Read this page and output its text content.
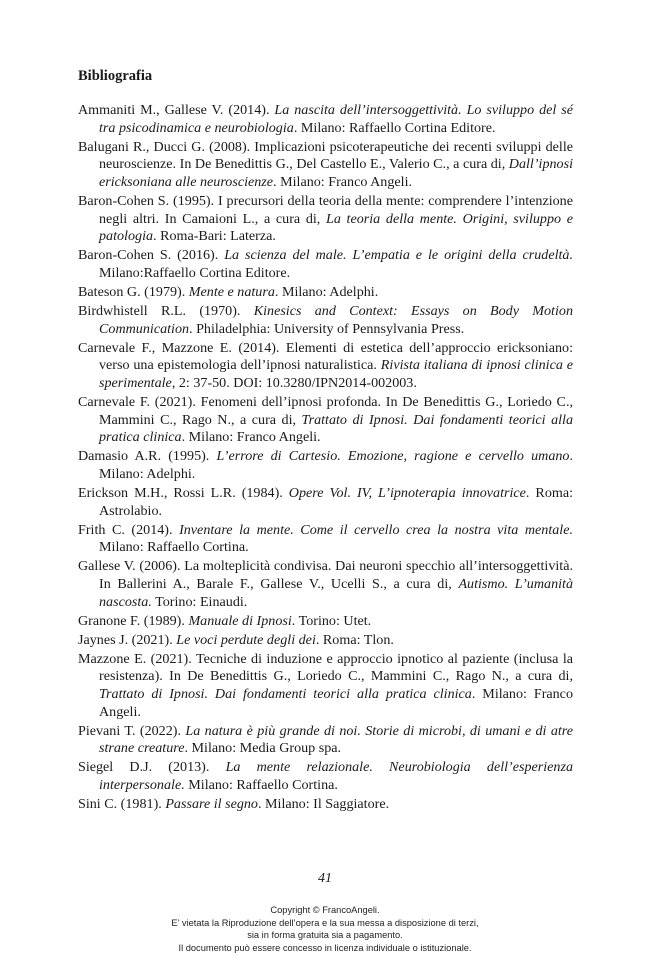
Bibliografia

Ammaniti M., Gallese V. (2014). La nascita dell’intersoggettività. Lo sviluppo del sé tra psicodinamica e neurobiologia. Milano: Raffaello Cortina Editore.

Balugani R., Ducci G. (2008). Implicazioni psicoterapeutiche dei recenti sviluppi delle neuroscienze. In De Benedittis G., Del Castello E., Valerio C., a cura di, Dall’ipnosi ericksoniana alle neuroscienze. Milano: Franco Angeli.

Baron-Cohen S. (1995). I precursori della teoria della mente: comprendere l’intenzione negli altri. In Camaioni L., a cura di, La teoria della mente. Origini, sviluppo e patologia. Roma-Bari: Laterza.

Baron-Cohen S. (2016). La scienza del male. L’empatia e le origini della crudeltà. Milano:Raffaello Cortina Editore.

Bateson G. (1979). Mente e natura. Milano: Adelphi.

Birdwhistell R.L. (1970). Kinesics and Context: Essays on Body Motion Communication. Philadelphia: University of Pennsylvania Press.

Carnevale F., Mazzone E. (2014). Elementi di estetica dell’approccio ericksoniano: verso una epistemologia dell’ipnosi naturalistica. Rivista italiana di ipnosi clinica e sperimentale, 2: 37-50. DOI: 10.3280/IPN2014-002003.

Carnevale F. (2021). Fenomeni dell’ipnosi profonda. In De Benedittis G., Loriedo C., Mammini C., Rago N., a cura di, Trattato di Ipnosi. Dai fondamenti teorici alla pratica clinica. Milano: Franco Angeli.

Damasio A.R. (1995). L’errore di Cartesio. Emozione, ragione e cervello umano. Milano: Adelphi.

Erickson M.H., Rossi L.R. (1984). Opere Vol. IV, L’ipnoterapia innovatrice. Roma: Astrolabio.

Frith C. (2014). Inventare la mente. Come il cervello crea la nostra vita mentale. Milano: Raffaello Cortina.

Gallese V. (2006). La molteplicità condivisa. Dai neuroni specchio all’intersoggettività. In Ballerini A., Barale F., Gallese V., Ucelli S., a cura di, Autismo. L’umanità nascosta. Torino: Einaudi.

Granone F. (1989). Manuale di Ipnosi. Torino: Utet.

Jaynes J. (2021). Le voci perdute degli dei. Roma: Tlon.

Mazzone E. (2021). Tecniche di induzione e approccio ipnotico al paziente (inclusa la resistenza). In De Benedittis G., Loriedo C., Mammini C., Rago N., a cura di, Trattato di Ipnosi. Dai fondamenti teorici alla pratica clinica. Milano: Franco Angeli.

Pievani T. (2022). La natura è più grande di noi. Storie di microbi, di umani e di atre strane creature. Milano: Media Group spa.

Siegel D.J. (2013). La mente relazionale. Neurobiologia dell’esperienza interpersonale. Milano: Raffaello Cortina.

Sini C. (1981). Passare il segno. Milano: Il Saggiatore.

41
Copyright © FrancoAngeli.
E’ vietata la Riproduzione dell’opera e la sua messa a disposizione di terzi,
sia in forma gratuita sia a pagamento.
Il documento può essere concesso in licenza individuale o istituzionale.
